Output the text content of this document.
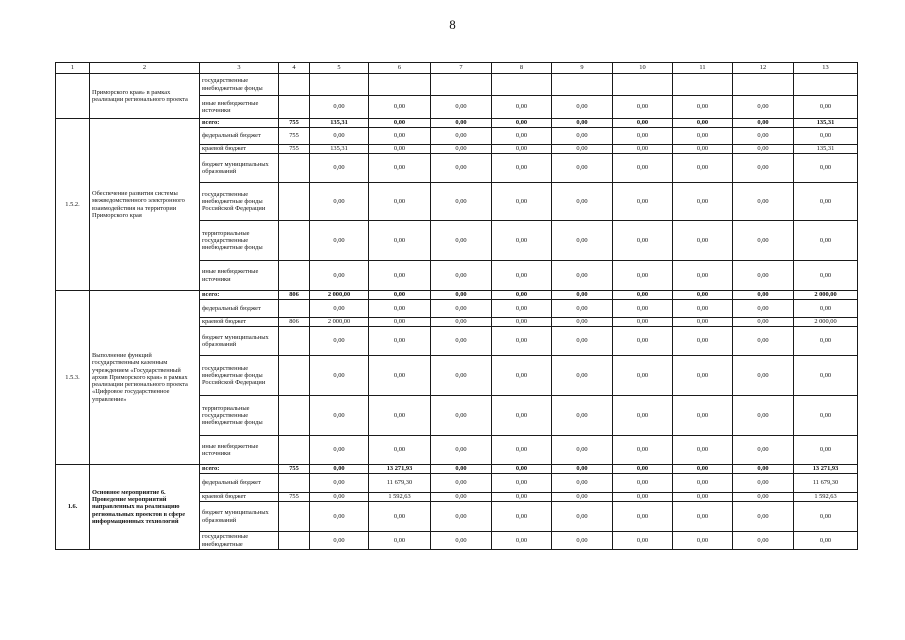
8
1	2	3	4	5	6	7	8	9	10	11	12	13
	Приморского края» в рамках реализации регионального проекта	государственные внебюджетные фонды										
		иные внебюджетные источники		0,00	0,00	0,00	0,00	0,00	0,00	0,00	0,00	0,00
1.5.2.	Обеспечение развития системы межведомственного электронного взаимодействия на территории Приморского края	всего:	755	135,31	0,00	0,00	0,00	0,00	0,00	0,00	0,00	135,31
		федеральный бюджет	755	0,00	0,00	0,00	0,00	0,00	0,00	0,00	0,00	0,00
		краевой бюджет	755	135,31	0,00	0,00	0,00	0,00	0,00	0,00	0,00	135,31
		бюджет муниципальных образований		0,00	0,00	0,00	0,00	0,00	0,00	0,00	0,00	0,00
		государственные внебюджетные фонды Российской Федерации		0,00	0,00	0,00	0,00	0,00	0,00	0,00	0,00	0,00
		территориальные государственные внебюджетные фонды		0,00	0,00	0,00	0,00	0,00	0,00	0,00	0,00	0,00
		иные внебюджетные источники		0,00	0,00	0,00	0,00	0,00	0,00	0,00	0,00	0,00
1.5.3.	Выполнение функций государственным казенным учреждением «Государственный архив Приморского края» в рамках реализации регионального проекта «Цифровое государственное управление»	всего:	806	2 000,00	0,00	0,00	0,00	0,00	0,00	0,00	0,00	2 000,00
		федеральный бюджет		0,00	0,00	0,00	0,00	0,00	0,00	0,00	0,00	0,00
		краевой бюджет	806	2 000,00	0,00	0,00	0,00	0,00	0,00	0,00	0,00	2 000,00
		бюджет муниципальных образований		0,00	0,00	0,00	0,00	0,00	0,00	0,00	0,00	0,00
		государственные внебюджетные фонды Российской Федерации		0,00	0,00	0,00	0,00	0,00	0,00	0,00	0,00	0,00
		территориальные государственные внебюджетные фонды		0,00	0,00	0,00	0,00	0,00	0,00	0,00	0,00	0,00
		иные внебюджетные источники		0,00	0,00	0,00	0,00	0,00	0,00	0,00	0,00	0,00
1.6.	Основное мероприятие 6. Проведение мероприятий направленных на реализацию региональных проектов в сфере информационных технологий	всего:	755	0,00	13 271,93	0,00	0,00	0,00	0,00	0,00	0,00	13 271,93
		федеральный бюджет		0,00	11 679,30	0,00	0,00	0,00	0,00	0,00	0,00	11 679,30
		краевой бюджет	755	0,00	1 592,63	0,00	0,00	0,00	0,00	0,00	0,00	1 592,63
		бюджет муниципальных образований		0,00	0,00	0,00	0,00	0,00	0,00	0,00	0,00	0,00
		государственные внебюджетные		0,00	0,00	0,00	0,00	0,00	0,00	0,00	0,00	0,00
